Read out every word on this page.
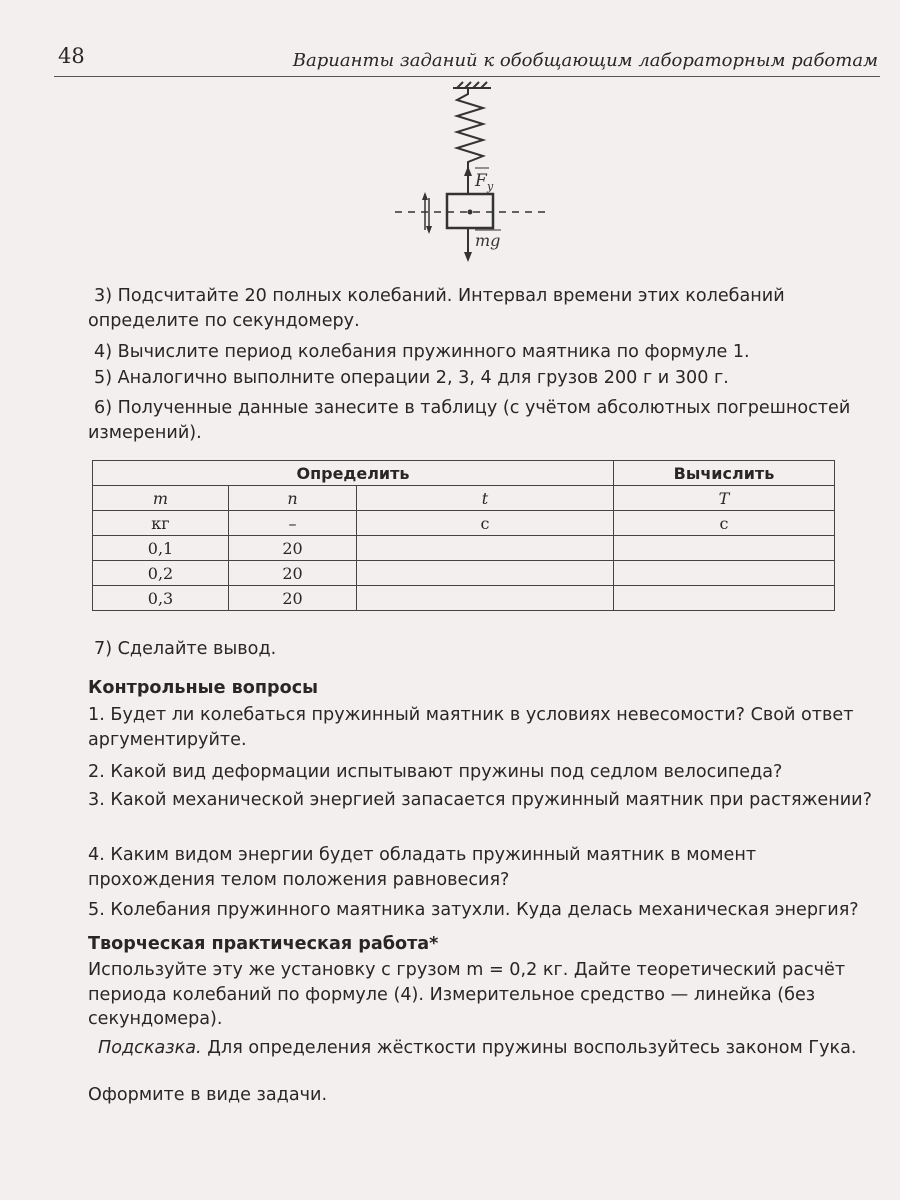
48	Варианты заданий к обобщающим лабораторным работам
F у
mg

3) Подсчитайте 20 полных колебаний. Интервал времени этих колебаний определите по секундомеру.

4) Вычислите период колебания пружинного маятника по формуле 1.

5) Аналогично выполните операции 2, 3, 4 для грузов 200 г и 300 г.

6) Полученные данные занесите в таблицу (с учётом абсолютных погрешностей измерений).

Определить			Вычислить
m	n	t	T
кг	–	с	с
0,1	20		
0,2	20		
0,3	20		

7) Сделайте вывод.

Контрольные вопросы

1. Будет ли колебаться пружинный маятник в условиях невесомости? Свой ответ аргументируйте.

2. Какой вид деформации испытывают пружины под седлом велосипеда?

3. Какой механической энергией запасается пружинный маятник при растяжении?

4. Каким видом энергии будет обладать пружинный маятник в момент прохождения телом положения равновесия?

5. Колебания пружинного маятника затухли. Куда делась механическая энергия?

Творческая практическая работа*

Используйте эту же установку с грузом m = 0,2 кг. Дайте теоретический расчёт периода колебаний по формуле (4). Измерительное средство — линейка (без секундомера).

Подсказка. Для определения жёсткости пружины воспользуйтесь законом Гука.

Оформите в виде задачи.
